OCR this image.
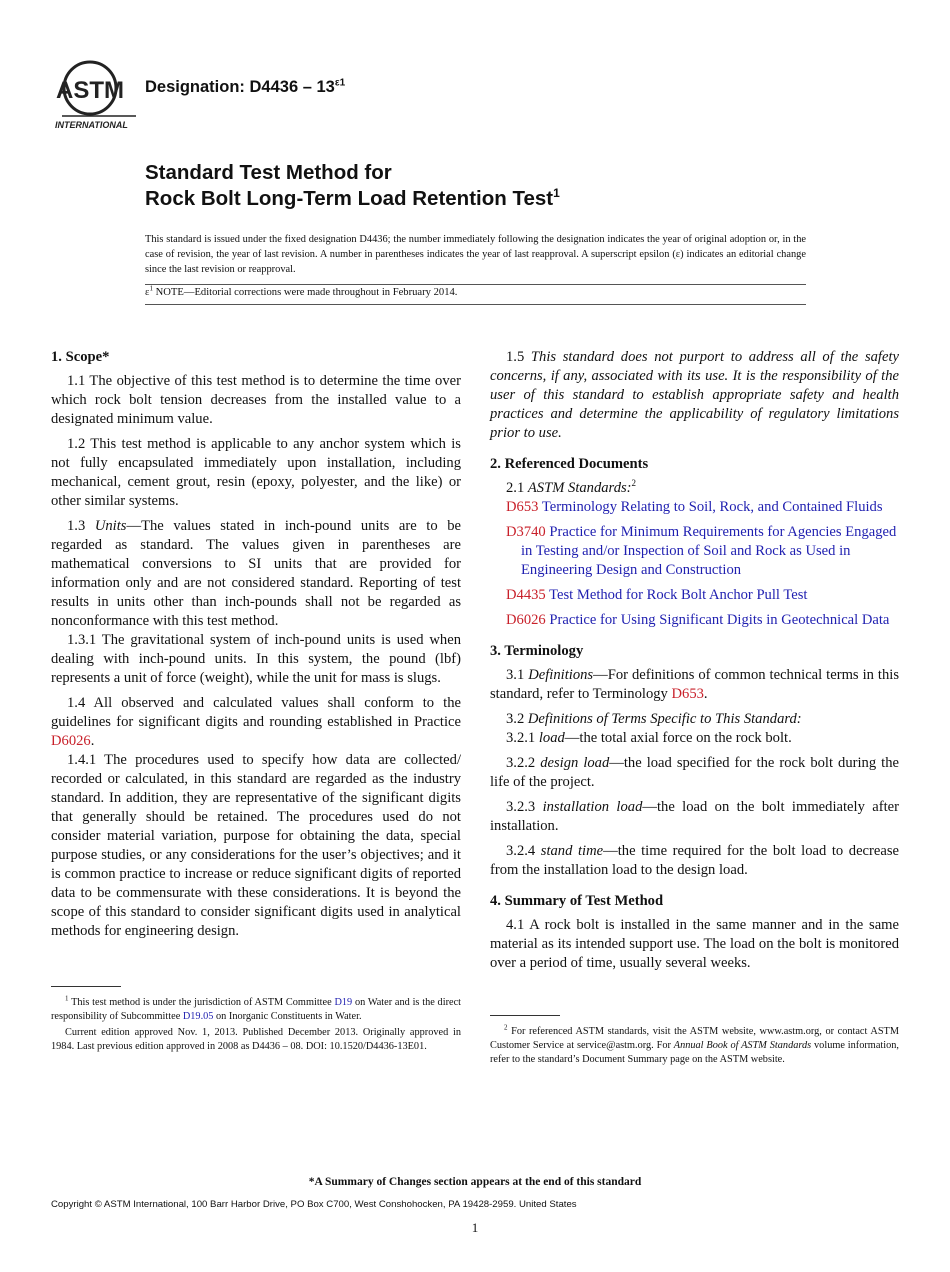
ASTM
INTERNATIONAL
Designation: $D4436 - 13^{\varepsilon 1}$
Standard Test Method for
Rock Bolt Long-Term Load Retention Test$^1$
This standard is issued under the fixed designation D4436; the number immediately following the designation indicates the year of original adoption or, in the case of revision, the year of last revision. A number in parentheses indicates the year of last reapproval. A superscript epsilon (ε) indicates an editorial change since the last revision or reapproval.
$\varepsilon^1$ NOTE—Editorial corrections were made throughout in February 2014.
1. Scope*

1.1 The objective of this test method is to determine the time over which rock bolt tension decreases from the installed value to a designated minimum value.

1.2 This test method is applicable to any anchor system which is not fully encapsulated immediately upon installation, including mechanical, cement grout, resin (epoxy, polyester, and the like) or other similar systems.

1.3 Units—The values stated in inch-pound units are to be regarded as standard. The values given in parentheses are mathematical conversions to SI units that are provided for information only and are not considered standard. Reporting of test results in units other than inch-pounds shall not be regarded as nonconformance with this test method.

1.3.1 The gravitational system of inch-pound units is used when dealing with inch-pound units. In this system, the pound (lbf) represents a unit of force (weight), while the unit for mass is slugs.

1.4 All observed and calculated values shall conform to the guidelines for significant digits and rounding established in Practice D6026.

1.4.1 The procedures used to specify how data are collected/ recorded or calculated, in this standard are regarded as the industry standard. In addition, they are representative of the significant digits that generally should be retained. The procedures used do not consider material variation, purpose for obtaining the data, special purpose studies, or any considerations for the user’s objectives; and it is common practice to increase or reduce significant digits of reported data to be commensurate with these considerations. It is beyond the scope of this standard to consider significant digits used in analytical methods for engineering design.

1.5 This standard does not purport to address all of the safety concerns, if any, associated with its use. It is the responsibility of the user of this standard to establish appropriate safety and health practices and determine the applicability of regulatory limitations prior to use.

2. Referenced Documents

2.1 ASTM Standards:$^2$

D653 Terminology Relating to Soil, Rock, and Contained Fluids

D3740 Practice for Minimum Requirements for Agencies Engaged in Testing and/or Inspection of Soil and Rock as Used in Engineering Design and Construction

D4435 Test Method for Rock Bolt Anchor Pull Test

D6026 Practice for Using Significant Digits in Geotechnical Data

3. Terminology

3.1 Definitions—For definitions of common technical terms in this standard, refer to Terminology D653.

3.2 Definitions of Terms Specific to This Standard:

3.2.1 load—the total axial force on the rock bolt.

3.2.2 design load—the load specified for the rock bolt during the life of the project.

3.2.3 installation load—the load on the bolt immediately after installation.

3.2.4 stand time—the time required for the bolt load to decrease from the installation load to the design load.

4. Summary of Test Method

4.1 A rock bolt is installed in the same manner and in the same material as its intended support use. The load on the bolt is monitored over a period of time, usually several weeks.

$^1$ This test method is under the jurisdiction of ASTM Committee D19 on Water and is the direct responsibility of Subcommittee D19.05 on Inorganic Constituents in Water.

Current edition approved Nov. 1, 2013. Published December 2013. Originally approved in 1984. Last previous edition approved in 2008 as D4436 – 08. DOI: 10.1520/D4436-13E01.

$^2$ For referenced ASTM standards, visit the ASTM website, www.astm.org, or contact ASTM Customer Service at service@astm.org. For Annual Book of ASTM Standards volume information, refer to the standard’s Document Summary page on the ASTM website.

*A Summary of Changes section appears at the end of this standard
Copyright © ASTM International, 100 Barr Harbor Drive, PO Box C700, West Conshohocken, PA 19428-2959. United States
1
